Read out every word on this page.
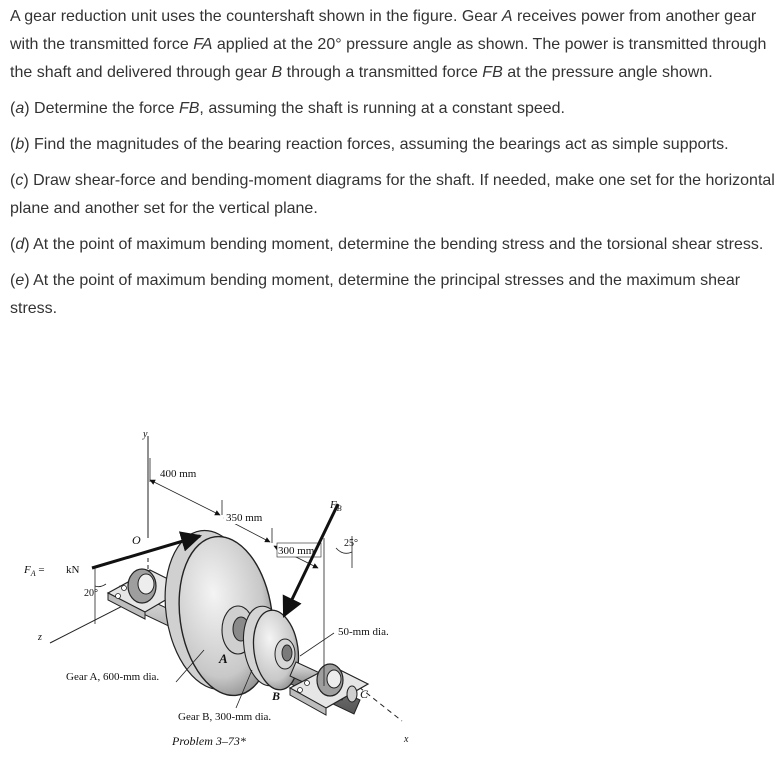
A gear reduction unit uses the countershaft shown in the figure. Gear A receives power from another gear with the transmitted force FA applied at the 20° pressure angle as shown. The power is transmitted through the shaft and delivered through gear B through a transmitted force FB at the pressure angle shown.

(a) Determine the force FB, assuming the shaft is running at a constant speed.

(b) Find the magnitudes of the bearing reaction forces, assuming the bearings act as simple supports.

(c) Draw shear-force and bending-moment diagrams for the shaft. If needed, make one set for the horizontal plane and another set for the vertical plane.

(d) At the point of maximum bending moment, determine the bending stress and the torsional shear stress.

(e) At the point of maximum bending moment, determine the principal stresses and the maximum shear stress.

y
z
x
O
400 mm
350 mm
300 mm
A
B	C
$F_A$ = kN
20°
$F_B$
25°
50-mm dia.
Gear A, 600-mm dia.
Gear B, 300-mm dia.
Problem 3–73*
